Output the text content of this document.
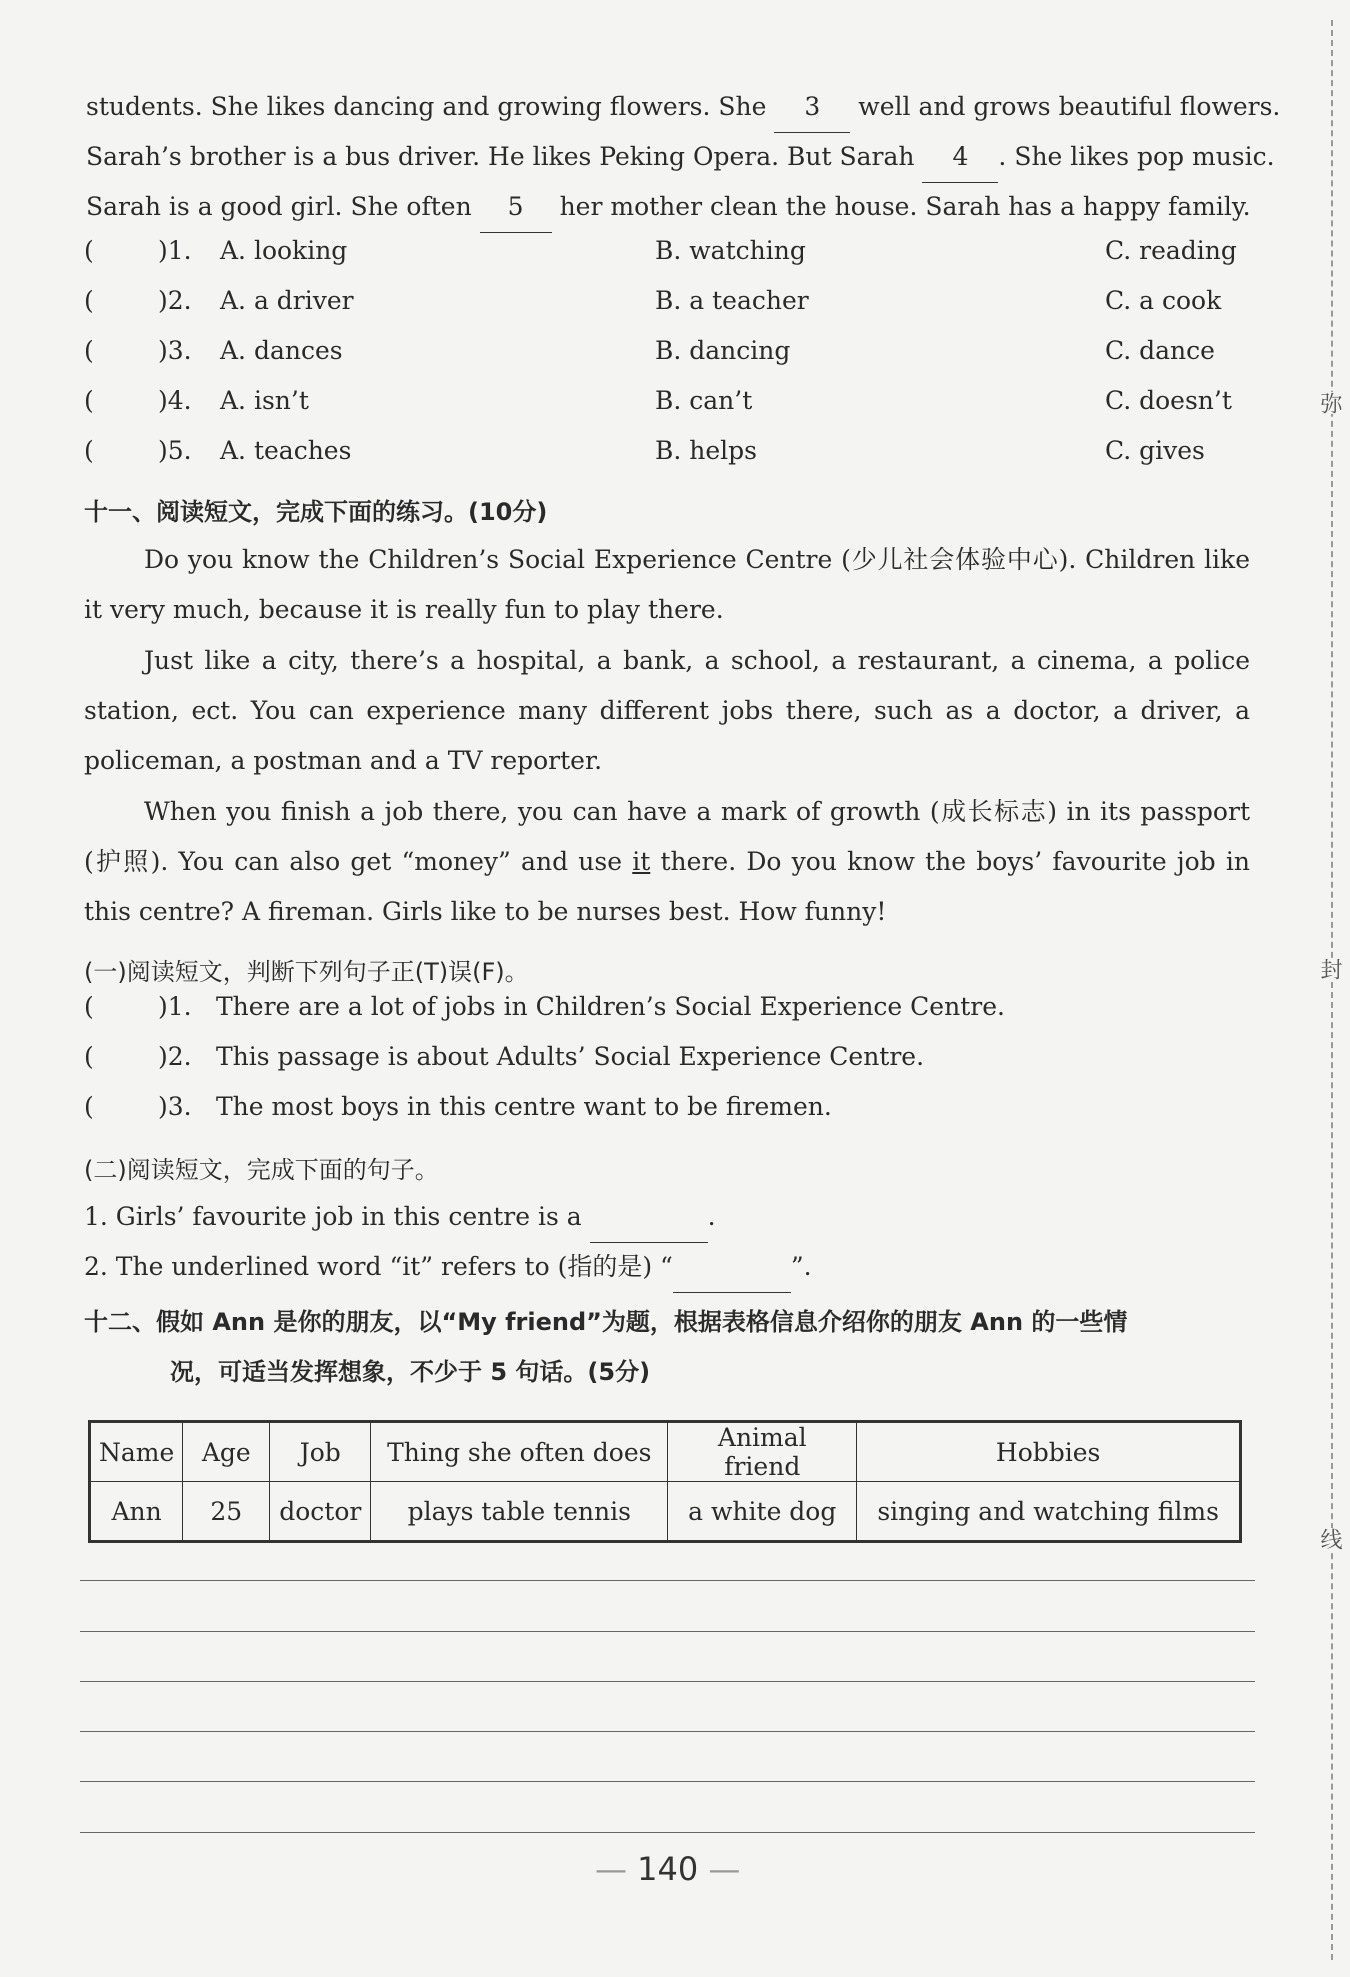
students. She likes dancing and growing flowers. She 3 well and grows beautiful flowers.
Sarah’s brother is a bus driver. He likes Peking Opera. But Sarah 4 . She likes pop music.
Sarah is a good girl. She often 5 her mother clean the house. Sarah has a happy family.
(	)1. A. looking	B. watching	C. reading
(	)2. A. a driver	B. a teacher	C. a cook
(	)3. A. dances	B. dancing	C. dance
(	)4. A. isn’t	B. can’t	C. doesn’t
(	)5. A. teaches	B. helps	C. gives
十一、阅读短文，完成下面的练习。(10分)
Do you know the Children’s Social Experience Centre (少儿社会体验中心). Children like it very much, because it is really fun to play there.
Just like a city, there’s a hospital, a bank, a school, a restaurant, a cinema, a police station, ect. You can experience many different jobs there, such as a doctor, a driver, a policeman, a postman and a TV reporter.
When you finish a job there, you can have a mark of growth (成长标志) in its passport (护照). You can also get “money” and use it there. Do you know the boys’ favourite job in this centre? A fireman. Girls like to be nurses best. How funny!
(一)阅读短文，判断下列句子正(T)误(F)。
(	)1. There are a lot of jobs in Children’s Social Experience Centre.
(	)2. This passage is about Adults’ Social Experience Centre.
(	)3. The most boys in this centre want to be firemen.
(二)阅读短文，完成下面的句子。
1. Girls’ favourite job in this centre is a	.
2. The underlined word “it” refers to (指的是) “	”.
十二、假如 Ann 是你的朋友，以“My friend”为题，根据表格信息介绍你的朋友 Ann 的一些情
况，可适当发挥想象，不少于 5 句话。(5分)
Name	Age	Job	Thing she often does	Animal friend	Hobbies
Ann	25	doctor	plays table tennis	a white dog	singing and watching films
— 140 —
弥
封
线
